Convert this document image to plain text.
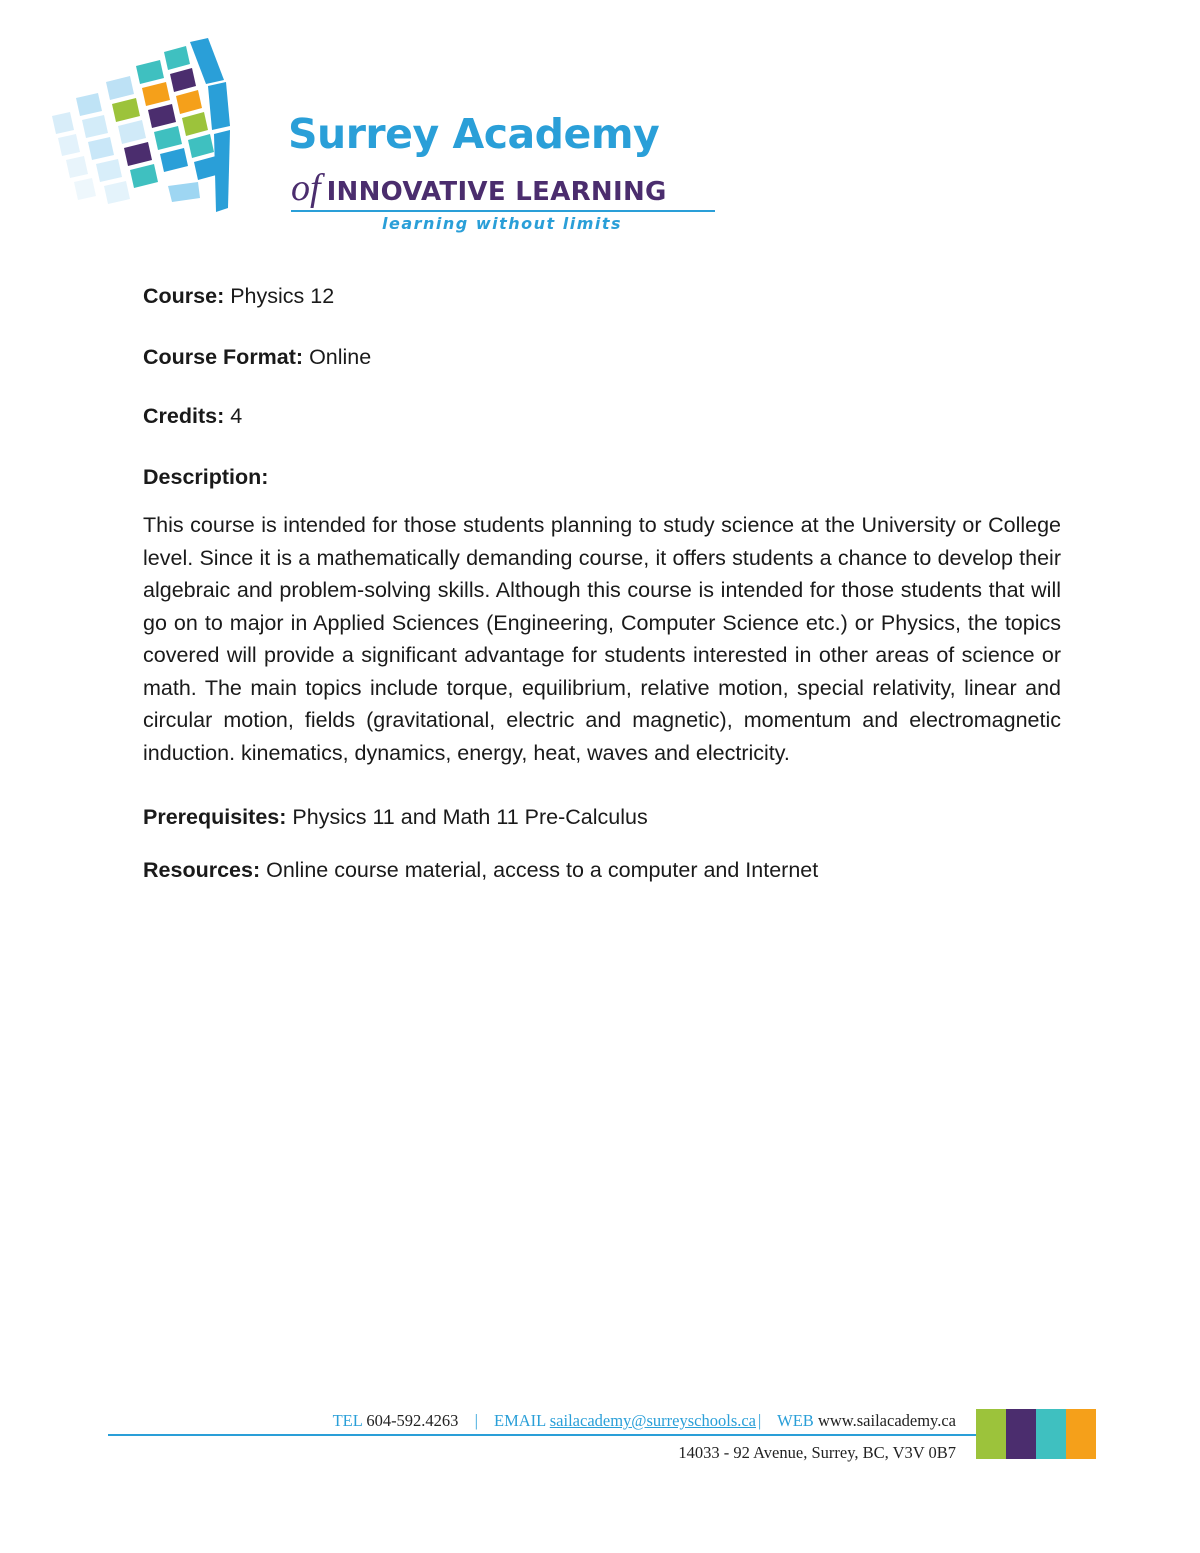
Surrey Academy
of INNOVATIVE LEARNING
learning without limits

Course: Physics 12

Course Format: Online

Credits: 4

Description:

This course is intended for those students planning to study science at the University or College level. Since it is a mathematically demanding course, it offers students a chance to develop their algebraic and problem-solving skills. Although this course is intended for those students that will go on to major in Applied Sciences (Engineering, Computer Science etc.) or Physics, the topics covered will provide a significant advantage for students interested in other areas of science or math. The main topics include torque, equilibrium, relative motion, special relativity, linear and circular motion, fields (gravitational, electric and magnetic), momentum and electromagnetic induction. kinematics, dynamics, energy, heat, waves and electricity.

Prerequisites: Physics 11 and Math 11 Pre-Calculus

Resources: Online course material, access to a computer and Internet

TEL 604-592.4263 | EMAIL sailacademy@surreyschools.ca | WEB www.sailacademy.ca
14033 - 92 Avenue, Surrey, BC, V3V 0B7
